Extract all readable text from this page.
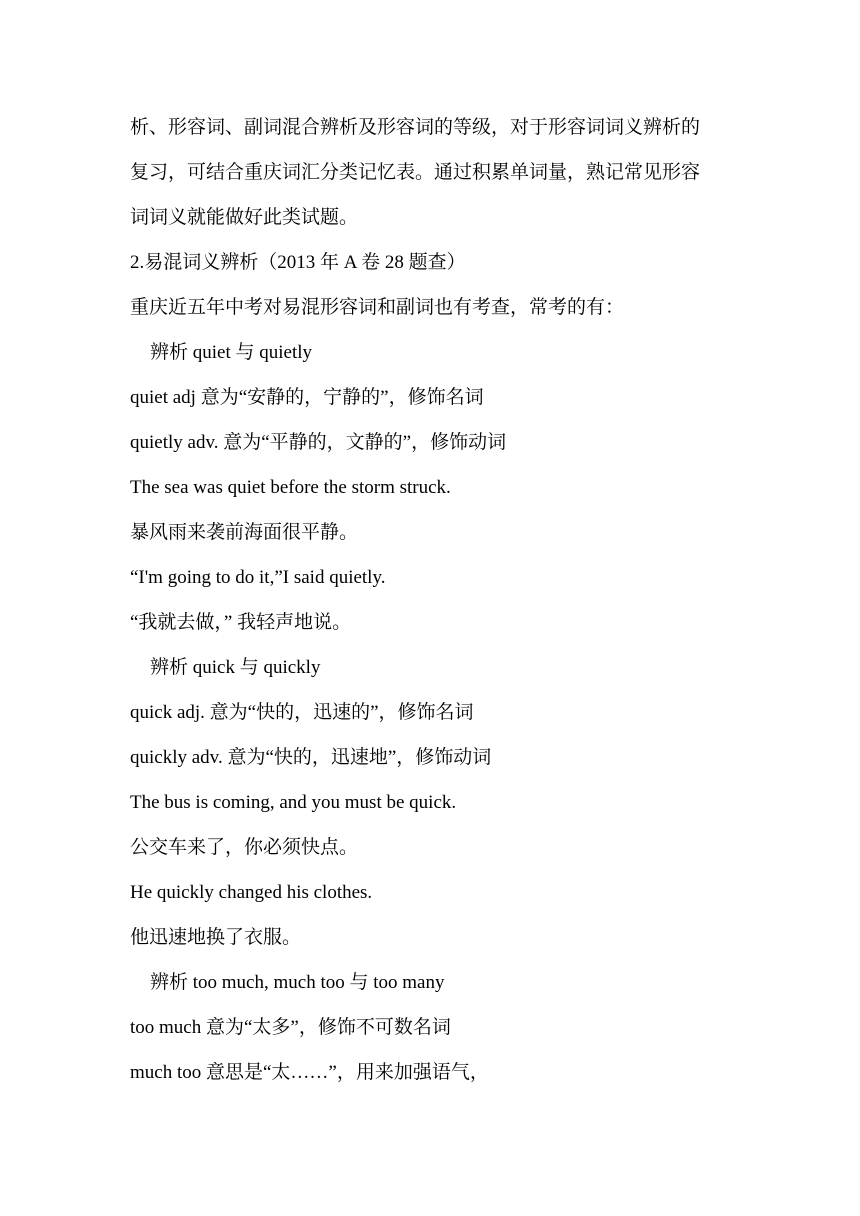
析、形容词、副词混合辨析及形容词的等级，对于形容词词义辨析的
复习，可结合重庆词汇分类记忆表。通过积累单词量，熟记常见形容
词词义就能做好此类试题。
2.易混词义辨析（2013 年 A 卷 28 题查）
重庆近五年中考对易混形容词和副词也有考查，常考的有：
辨析 quiet 与 quietly
quiet adj 意为“安静的，宁静的”，修饰名词
quietly adv. 意为“平静的，文静的”，修饰动词
The sea was quiet before the storm struck.
暴风雨来袭前海面很平静。
“I'm going to do it,”I said quietly.
“我就去做，” 我轻声地说。
辨析 quick 与 quickly
quick adj. 意为“快的，迅速的”，修饰名词
quickly adv. 意为“快的，迅速地”，修饰动词
The bus is coming, and you must be quick.
公交车来了，你必须快点。
He quickly changed his clothes.
他迅速地换了衣服。
辨析 too much, much too 与 too many
too much 意为“太多”，修饰不可数名词
much too 意思是“太……”，用来加强语气，
